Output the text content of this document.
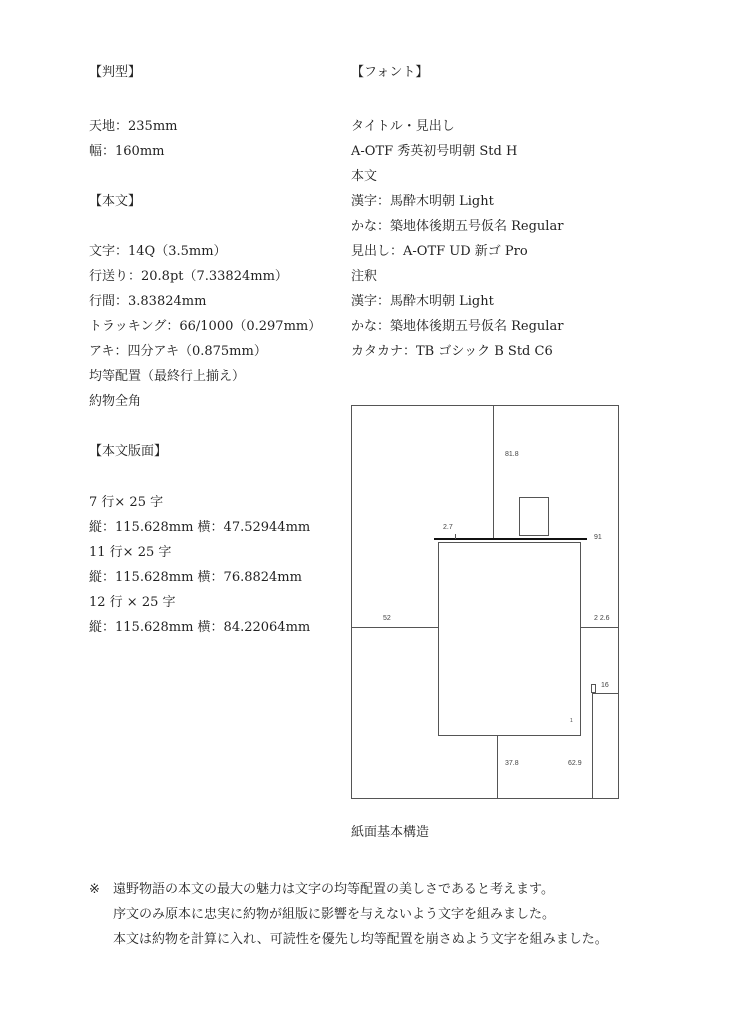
【判型】
天地：235mm
幅：160mm
【本文】
文字：14Q（3.5mm）
行送り：20.8pt（7.33824mm）
行間：3.83824mm
トラッキング：66/1000（0.297mm）
アキ：四分アキ（0.875mm）
均等配置（最終行上揃え）
約物全角
【本文版面】
7 行× 25 字
縦：115.628mm 横：47.52944mm
11 行× 25 字
縦：115.628mm 横：76.8824mm
12 行 × 25 字
縦：115.628mm 横：84.22064mm
【フォント】
タイトル・見出し
A-OTF 秀英初号明朝 Std H
本文
漢字：馬酔木明朝 Light
かな：築地体後期五号仮名 Regular
見出し：A-OTF UD 新ゴ Pro
注釈
漢字：馬酔木明朝 Light
かな：築地体後期五号仮名 Regular
カタカナ：TB ゴシック B Std C6
81.8
2.7
91
52	2 2.6
16
37.8	62.9
1
紙面基本構造
※ 遠野物語の本文の最大の魅力は文字の均等配置の美しさであると考えます。
序文のみ原本に忠実に約物が組版に影響を与えないよう文字を組みました。
本文は約物を計算に入れ、可読性を優先し均等配置を崩さぬよう文字を組みました。
